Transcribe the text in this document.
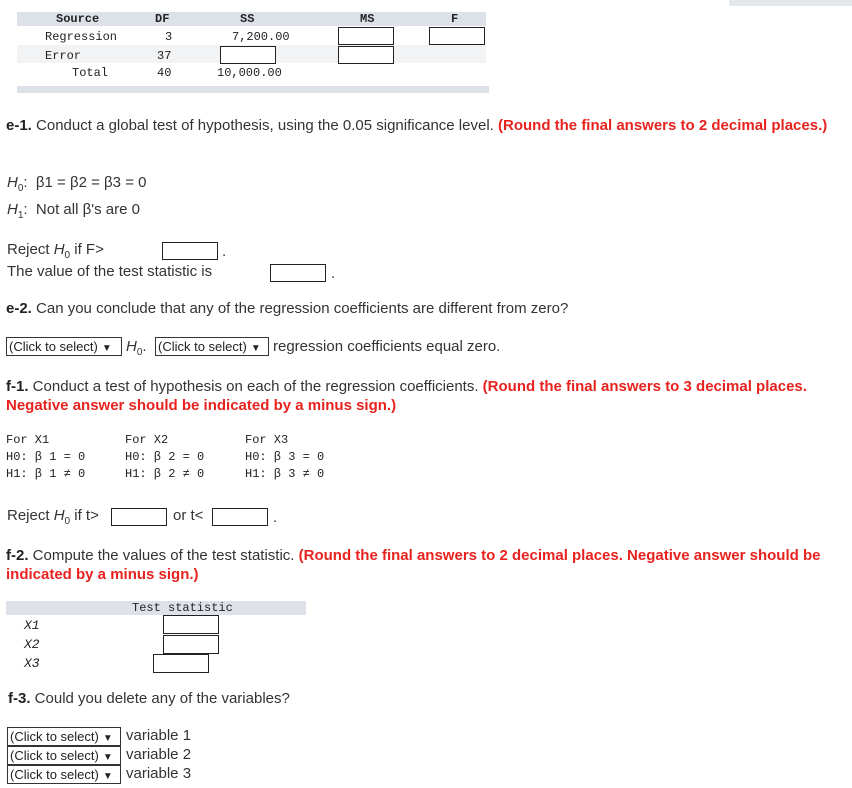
Source	DF	SS	MS	F
Regression	3	7,200.00
Error	37
Total	40	10,000.00
e-1. Conduct a global test of hypothesis, using the 0.05 significance level. (Round the final answers to 2 decimal places.)
$H_0$:  β1 = β2 = β3 = 0
$H_1$:  Not all β's are 0
Reject $H_0$ if F>	.
The value of the test statistic is	.
e-2. Can you conclude that any of the regression coefficients are different from zero?
(Click to select) ▼ $H_0$. (Click to select) ▼ regression coefficients equal zero.
f-1. Conduct a test of hypothesis on each of the regression coefficients. (Round the final answers to 3 decimal places. Negative answer should be indicated by a minus sign.)
For X1
H0: β 1 = 0
H1: β 1 ≠ 0
For X2
H0: β 2 = 0
H1: β 2 ≠ 0
For X3
H0: β 3 = 0
H1: β 3 ≠ 0
Reject $H_0$ if t>	or t<	.
f-2. Compute the values of the test statistic. (Round the final answers to 2 decimal places. Negative answer should be indicated by a minus sign.)
Test statistic
X1
X2
X3
f-3. Could you delete any of the variables?
(Click to select) ▼ variable 1
(Click to select) ▼ variable 2
(Click to select) ▼ variable 3
